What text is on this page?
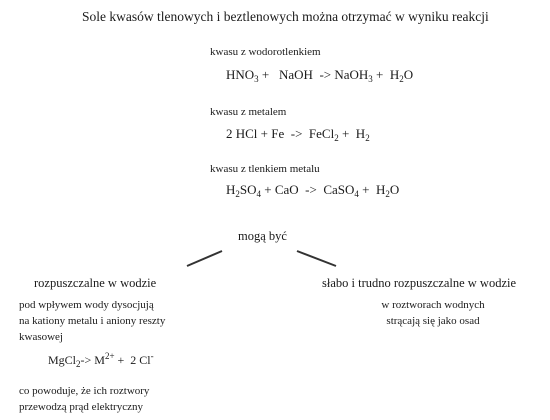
Sole kwasów tlenowych i beztlenowych można otrzymać w wyniku reakcji
kwasu z wodorotlenkiem
$HNO_3$ +   NaOH  -> NaOH$_3$ +  $H_2O$
kwasu z metalem
2 HCl + Fe  ->  FeCl$_2$ +  $H_2$
kwasu z tlenkiem metalu
$H_2SO_4$ + CaO  ->  CaSO$_4$ +  $H_2O$
mogą być
rozpuszczalne w wodzie
pod wpływem wody dysocjują
na kationy metalu i aniony reszty
kwasowej
MgCl$_2$-> $M^{2+} + 2$ Cl-
co powoduje, że ich roztwory
przewodzą prąd elektryczny
słabo i trudno rozpuszczalne w wodzie
w roztworach wodnych
strącają się jako osad
